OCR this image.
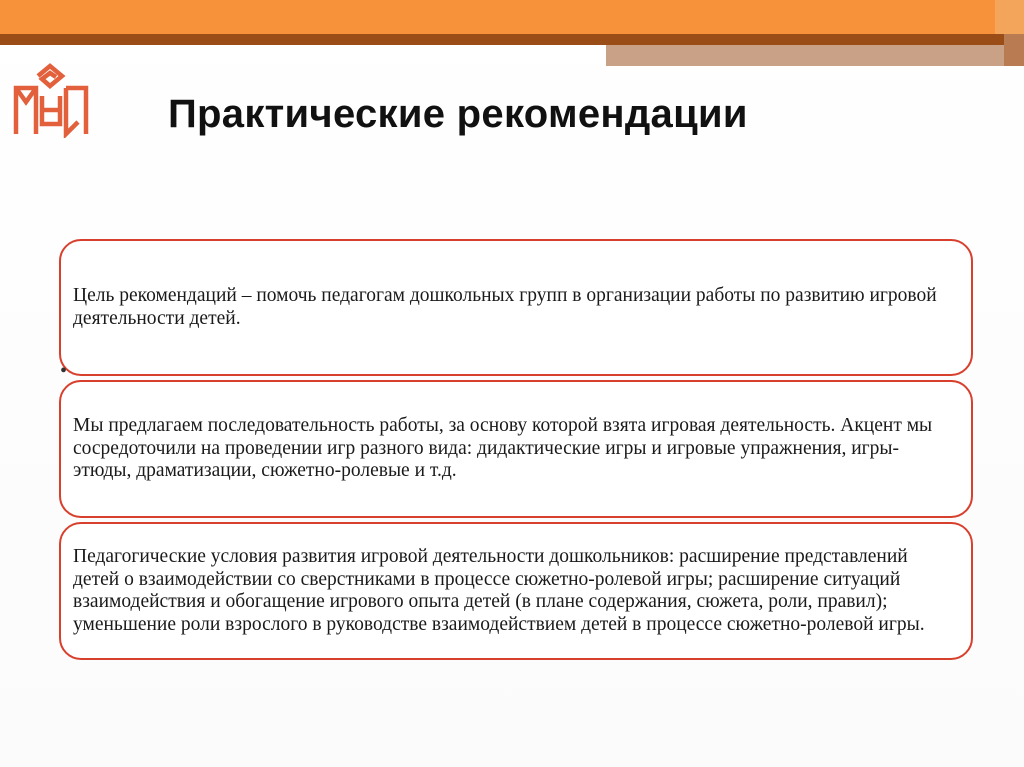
Практические рекомендации

Цель рекомендаций – помочь педагогам дошкольных групп в организации работы по развитию игровой деятельности детей.

•

Мы предлагаем последовательность работы, за основу которой взята игровая деятельность. Акцент мы сосредоточили на проведении игр разного вида: дидактические игры и игровые упражнения, игры-этюды, драматизации, сюжетно-ролевые и т.д.

Педагогические условия развития игровой деятельности дошкольников: расширение представлений детей о взаимодействии со сверстниками в процессе сюжетно-ролевой игры; расширение ситуаций взаимодействия и обогащение игрового опыта детей (в плане содержания, сюжета, роли, правил); уменьшение роли взрослого в руководстве взаимодействием детей в процессе сюжетно-ролевой игры.
